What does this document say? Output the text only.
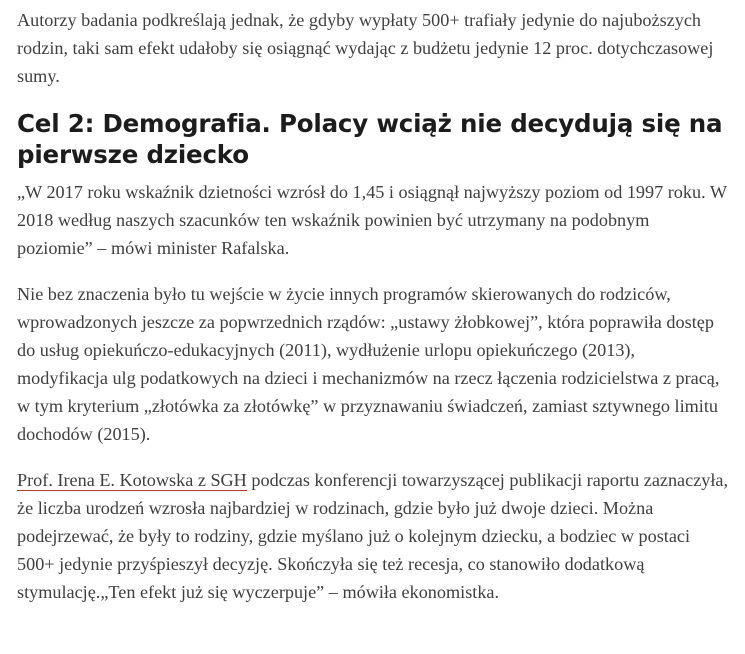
Autorzy badania podkreślają jednak, że gdyby wypłaty 500+ trafiały jedynie do najuboższych rodzin, taki sam efekt udałoby się osiągnąć wydając z budżetu jedynie 12 proc. dotychczasowej sumy.

Cel 2: Demografia. Polacy wciąż nie decydują się na pierwsze dziecko

„W 2017 roku wskaźnik dzietności wzrósł do 1,45 i osiągnął najwyższy poziom od 1997 roku. W 2018 według naszych szacunków ten wskaźnik powinien być utrzymany na podobnym poziomie” – mówi minister Rafalska.

Nie bez znaczenia było tu wejście w życie innych programów skierowanych do rodziców, wprowadzonych jeszcze za popwrzednich rządów: „ustawy żłobkowej”, która poprawiła dostęp do usług opiekuńczo-edukacyjnych (2011), wydłużenie urlopu opiekuńczego (2013), modyfikacja ulg podatkowych na dzieci i mechanizmów na rzecz łączenia rodzicielstwa z pracą, w tym kryterium „złotówka za złotówkę” w przyznawaniu świadczeń, zamiast sztywnego limitu dochodów (2015).

Prof. Irena E. Kotowska z SGH podczas konferencji towarzyszącej publikacji raportu zaznaczyła, że liczba urodzeń wzrosła najbardziej w rodzinach, gdzie było już dwoje dzieci. Można podejrzewać, że były to rodziny, gdzie myślano już o kolejnym dziecku, a bodziec w postaci 500+ jedynie przyśpieszył decyzję. Skończyła się też recesja, co stanowiło dodatkową stymulację.„Ten efekt już się wyczerpuje” – mówiła ekonomistka.
